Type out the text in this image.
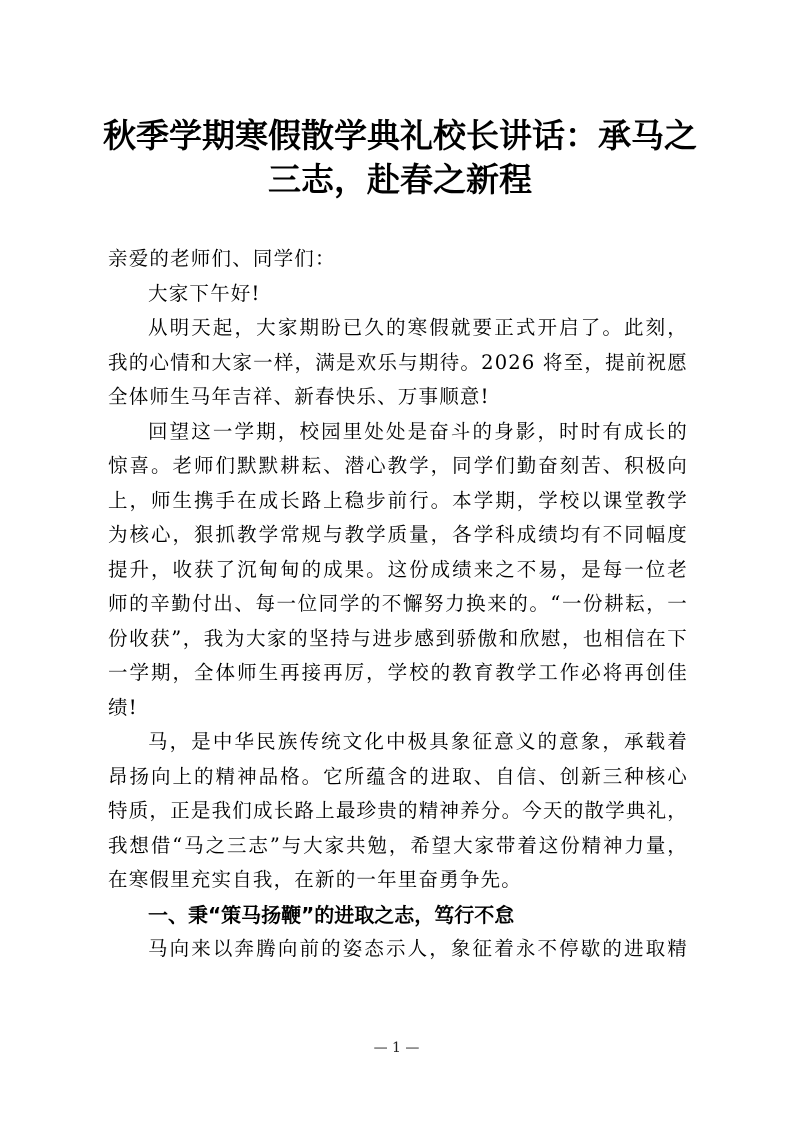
秋季学期寒假散学典礼校长讲话：承马之
三志，赴春之新程
亲爱的老师们、同学们：
大家下午好!
从明天起，大家期盼已久的寒假就要正式开启了。此刻，
我的心情和大家一样，满是欢乐与期待。2026 将至，提前祝愿
全体师生马年吉祥、新春快乐、万事顺意!
回望这一学期，校园里处处是奋斗的身影，时时有成长的
惊喜。老师们默默耕耘、潜心教学，同学们勤奋刻苦、积极向
上，师生携手在成长路上稳步前行。本学期，学校以课堂教学
为核心，狠抓教学常规与教学质量，各学科成绩均有不同幅度
提升，收获了沉甸甸的成果。这份成绩来之不易，是每一位老
师的辛勤付出、每一位同学的不懈努力换来的。“一份耕耘，一
份收获”，我为大家的坚持与进步感到骄傲和欣慰，也相信在下
一学期，全体师生再接再厉，学校的教育教学工作必将再创佳
绩!
马，是中华民族传统文化中极具象征意义的意象，承载着
昂扬向上的精神品格。它所蕴含的进取、自信、创新三种核心
特质，正是我们成长路上最珍贵的精神养分。今天的散学典礼，
我想借“马之三志”与大家共勉，希望大家带着这份精神力量，
在寒假里充实自我，在新的一年里奋勇争先。
一、秉“策马扬鞭”的进取之志，笃行不怠
马向来以奔腾向前的姿态示人，象征着永不停歇的进取精
— 1 —
